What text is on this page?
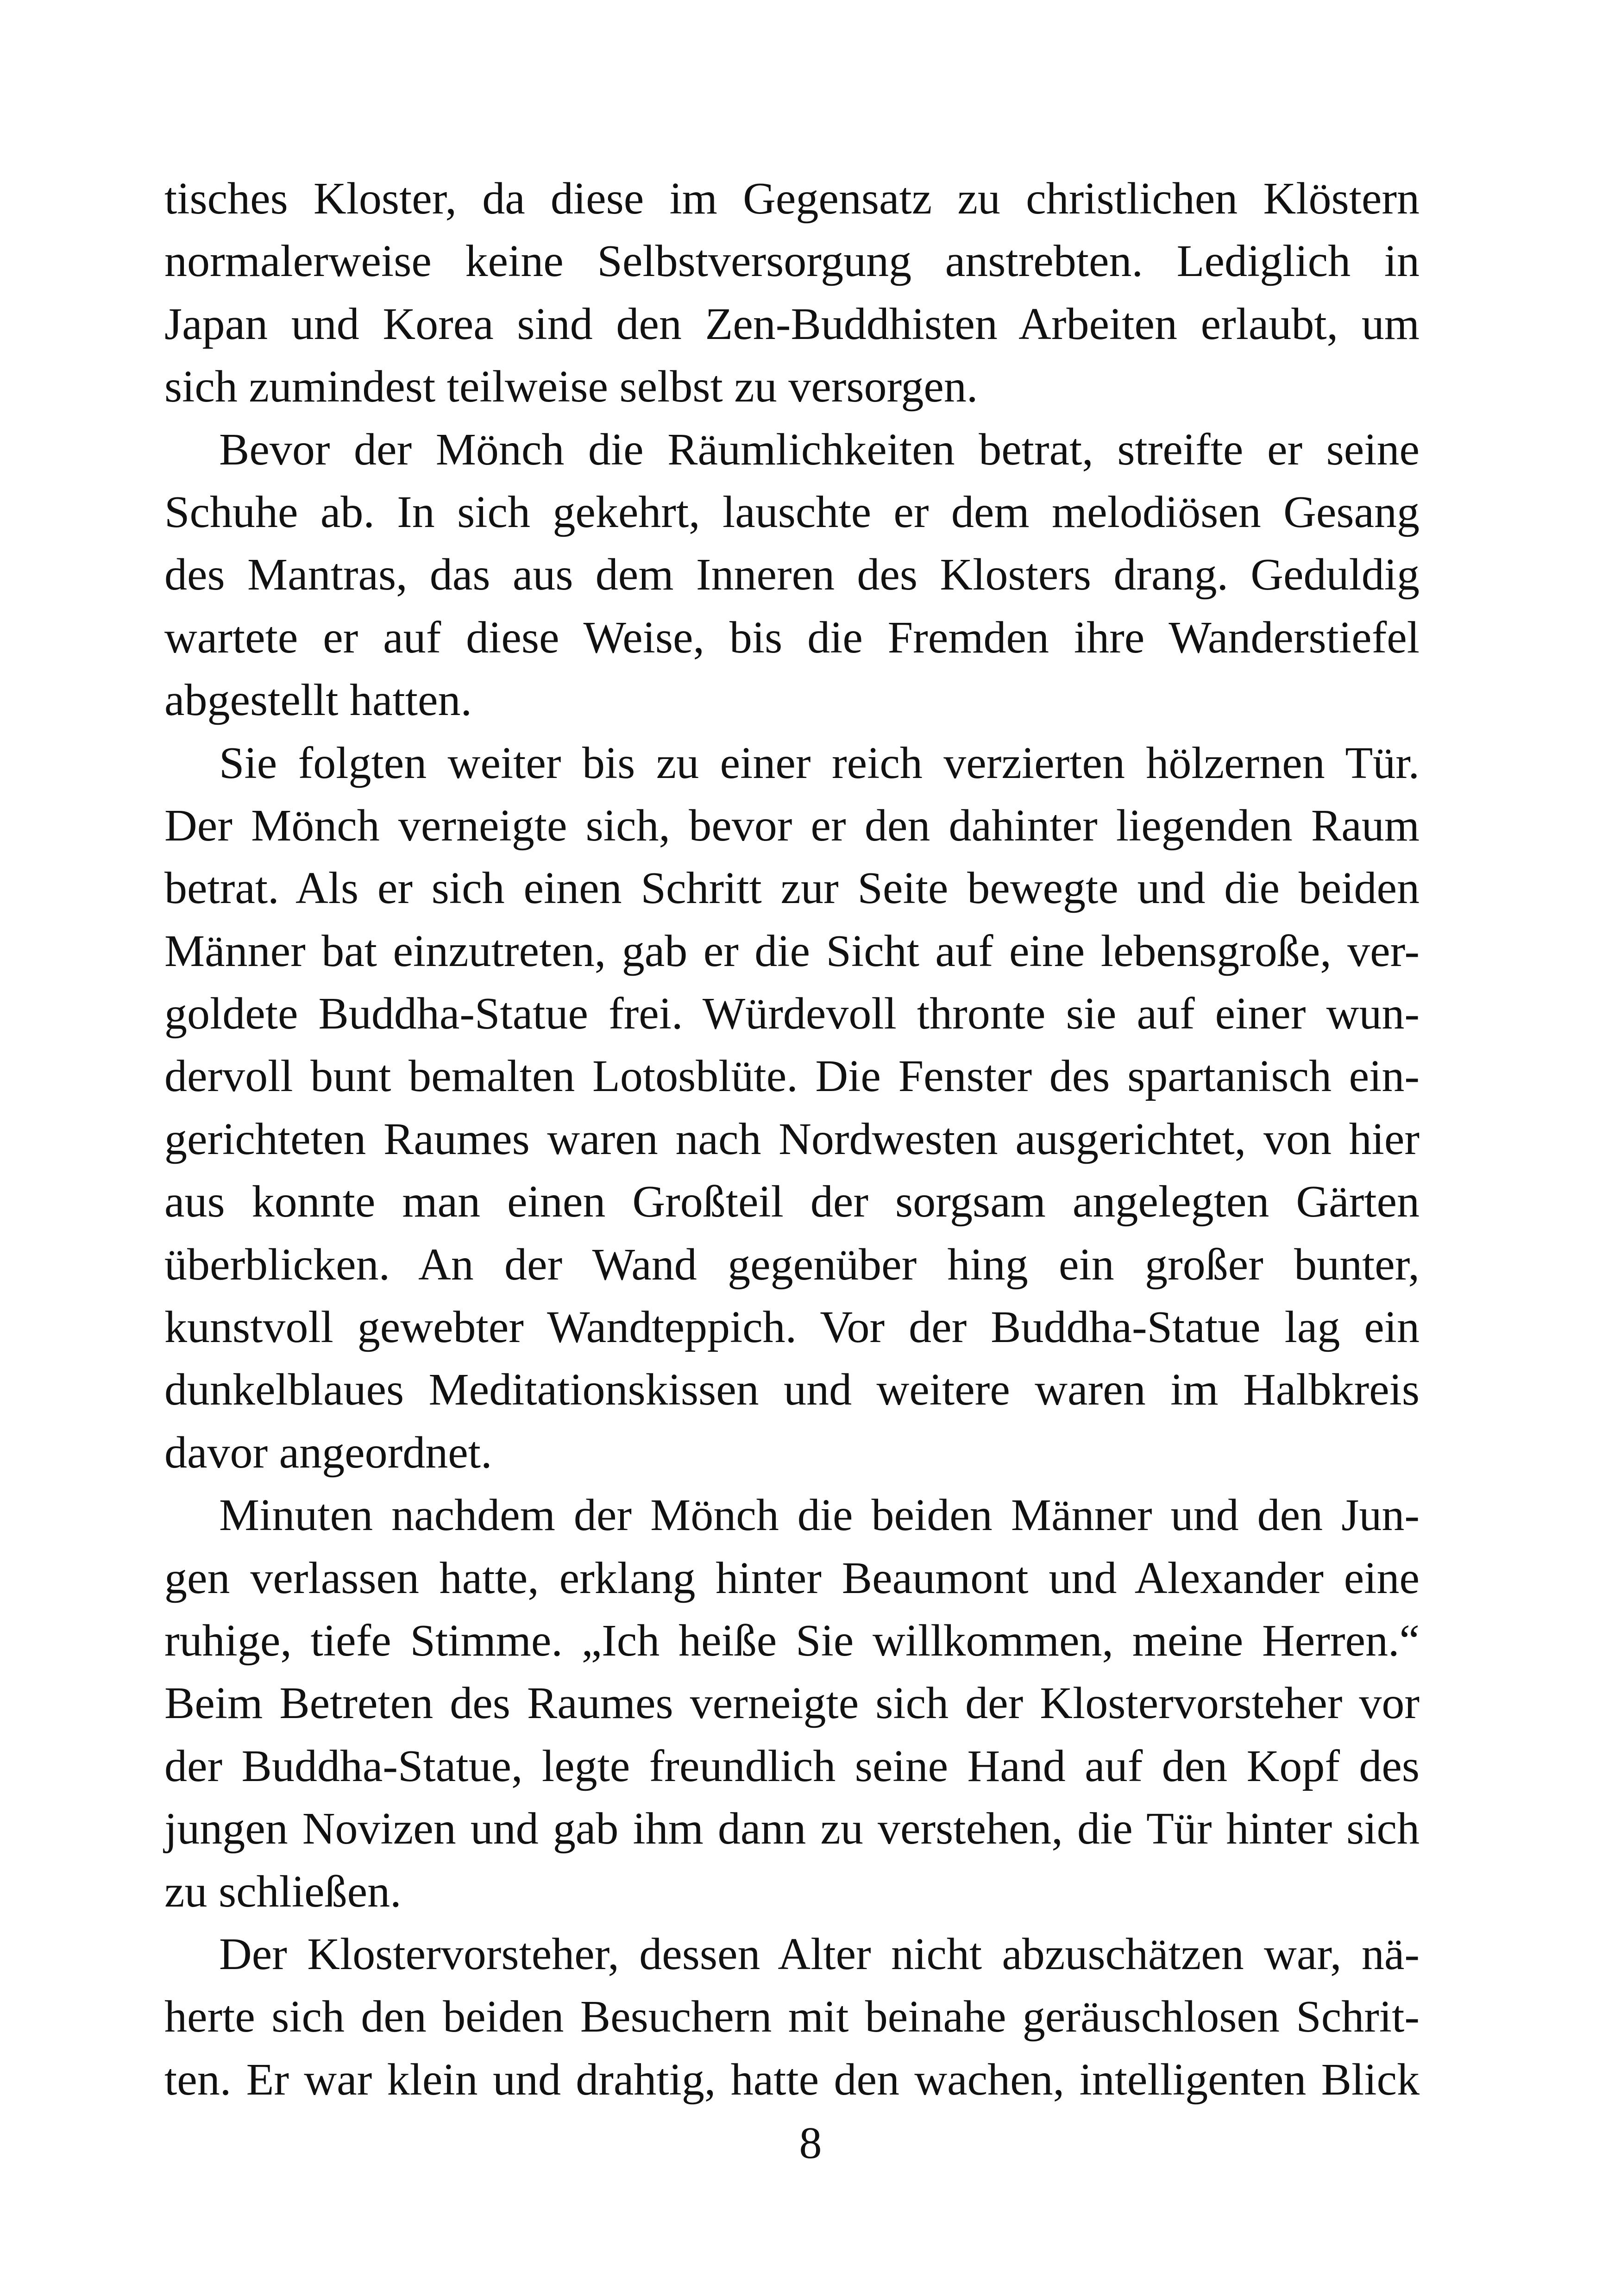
tisches Kloster, da diese im Gegensatz zu christlichen Klöstern
normalerweise keine Selbstversorgung anstrebten. Lediglich in
Japan und Korea sind den Zen-Buddhisten Arbeiten erlaubt, um
sich zumindest teilweise selbst zu versorgen.
Bevor der Mönch die Räumlichkeiten betrat, streifte er seine
Schuhe ab. In sich gekehrt, lauschte er dem melodiösen Gesang
des Mantras, das aus dem Inneren des Klosters drang. Geduldig
wartete er auf diese Weise, bis die Fremden ihre Wanderstiefel
abgestellt hatten.
Sie folgten weiter bis zu einer reich verzierten hölzernen Tür.
Der Mönch verneigte sich, bevor er den dahinter liegenden Raum
betrat. Als er sich einen Schritt zur Seite bewegte und die beiden
Männer bat einzutreten, gab er die Sicht auf eine lebensgroße, ver-
goldete Buddha-Statue frei. Würdevoll thronte sie auf einer wun-
dervoll bunt bemalten Lotosblüte. Die Fenster des spartanisch ein-
gerichteten Raumes waren nach Nordwesten ausgerichtet, von hier
aus konnte man einen Großteil der sorgsam angelegten Gärten
überblicken. An der Wand gegenüber hing ein großer bunter,
kunstvoll gewebter Wandteppich. Vor der Buddha-Statue lag ein
dunkelblaues Meditationskissen und weitere waren im Halbkreis
davor angeordnet.
Minuten nachdem der Mönch die beiden Männer und den Jun-
gen verlassen hatte, erklang hinter Beaumont und Alexander eine
ruhige, tiefe Stimme. „Ich heiße Sie willkommen, meine Herren.“
Beim Betreten des Raumes verneigte sich der Klostervorsteher vor
der Buddha-Statue, legte freundlich seine Hand auf den Kopf des
jungen Novizen und gab ihm dann zu verstehen, die Tür hinter sich
zu schließen.
Der Klostervorsteher, dessen Alter nicht abzuschätzen war, nä-
herte sich den beiden Besuchern mit beinahe geräuschlosen Schrit-
ten. Er war klein und drahtig, hatte den wachen, intelligenten Blick
8
